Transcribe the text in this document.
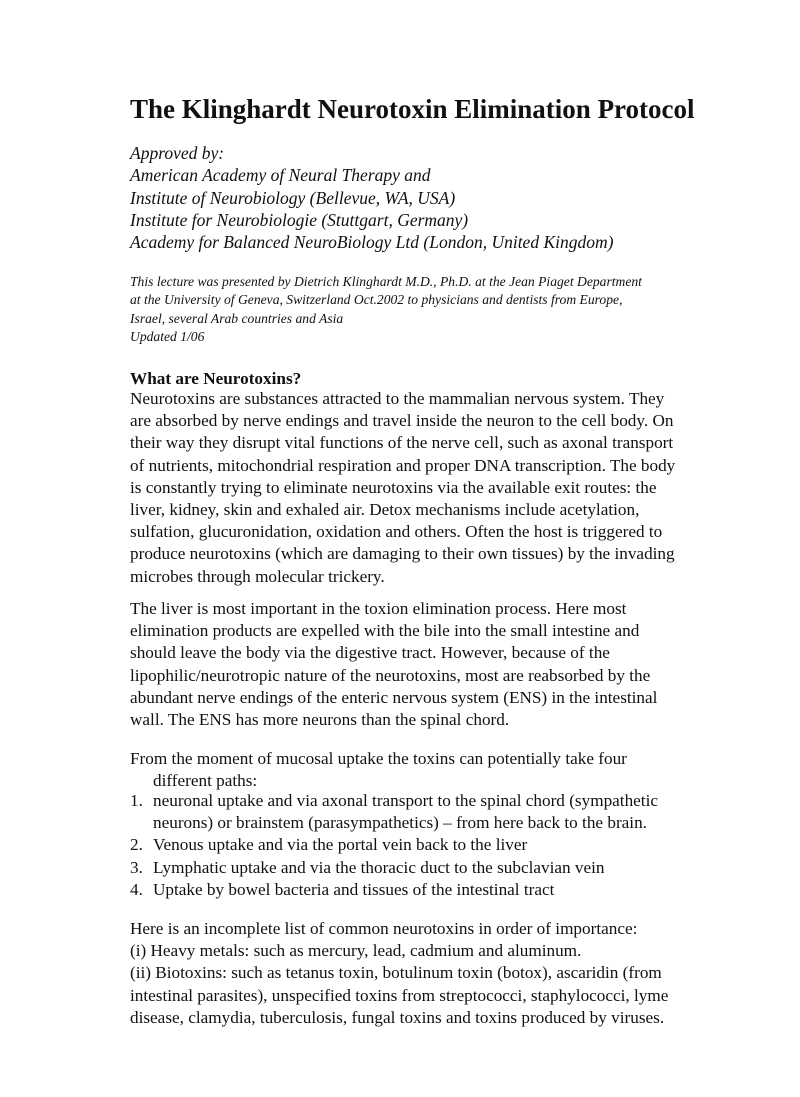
The Klinghardt Neurotoxin Elimination Protocol
Approved by:
American Academy of Neural Therapy and
Institute of Neurobiology (Bellevue, WA, USA)
Institute for Neurobiologie (Stuttgart, Germany)
Academy for Balanced NeuroBiology Ltd (London, United Kingdom)
This lecture was presented by Dietrich Klinghardt M.D., Ph.D. at the Jean Piaget Department
at the University of Geneva, Switzerland Oct.2002 to physicians and dentists from Europe,
Israel, several Arab countries and Asia
Updated 1/06
What are Neurotoxins?
Neurotoxins are substances attracted to the mammalian nervous system. They
are absorbed by nerve endings and travel inside the neuron to the cell body. On
their way they disrupt vital functions of the nerve cell, such as axonal transport
of nutrients, mitochondrial respiration and proper DNA transcription. The body
is constantly trying to eliminate neurotoxins via the available exit routes: the
liver, kidney, skin and exhaled air. Detox mechanisms include acetylation,
sulfation, glucuronidation, oxidation and others. Often the host is triggered to
produce neurotoxins (which are damaging to their own tissues) by the invading
microbes through molecular trickery.
The liver is most important in the toxion elimination process. Here most
elimination products are expelled with the bile into the small intestine and
should leave the body via the digestive tract. However, because of the
lipophilic/neurotropic nature of the neurotoxins, most are reabsorbed by the
abundant nerve endings of the enteric nervous system (ENS) in the intestinal
wall. The ENS has more neurons than the spinal chord.
From the moment of mucosal uptake the toxins can potentially take four
different paths:
1. neuronal uptake and via axonal transport to the spinal chord (sympathetic
neurons) or brainstem (parasympathetics) – from here back to the brain.
2. Venous uptake and via the portal vein back to the liver
3. Lymphatic uptake and via the thoracic duct to the subclavian vein
4. Uptake by bowel bacteria and tissues of the intestinal tract
Here is an incomplete list of common neurotoxins in order of importance:
(i) Heavy metals: such as mercury, lead, cadmium and aluminum.
(ii) Biotoxins: such as tetanus toxin, botulinum toxin (botox), ascaridin (from
intestinal parasites), unspecified toxins from streptococci, staphylococci, lyme
disease, clamydia, tuberculosis, fungal toxins and toxins produced by viruses.
